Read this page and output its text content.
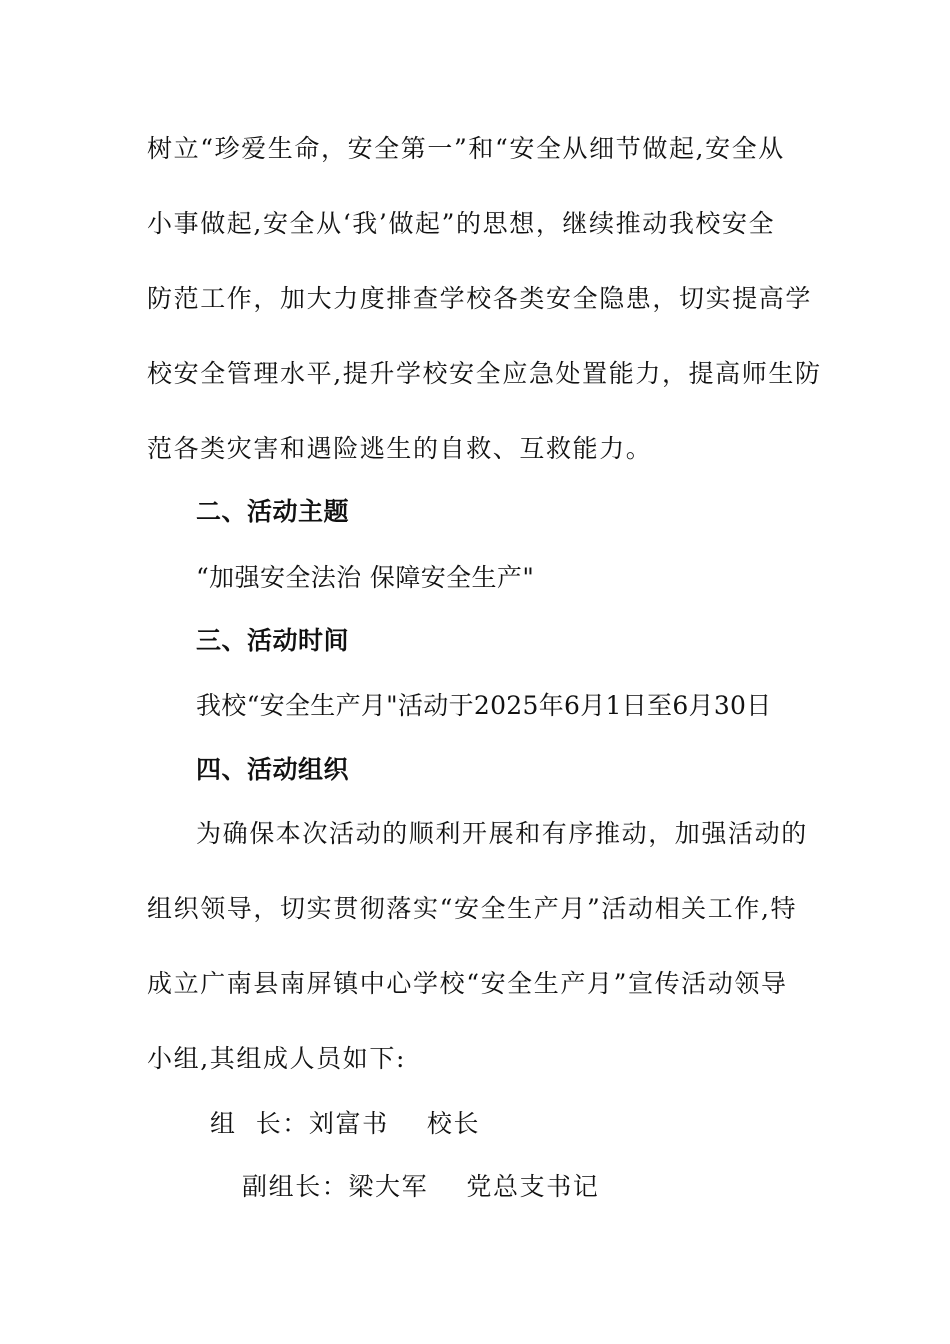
树立“珍爱生命，安全第一”和“安全从细节做起,安全从
小事做起,安全从‘我’做起”的思想，继续推动我校安全
防范工作，加大力度排查学校各类安全隐患，切实提高学
校安全管理水平,提升学校安全应急处置能力，提高师生防
范各类灾害和遇险逃生的自救、互救能力。
二、活动主题
“加强安全法治 保障安全生产"
三、活动时间
我校“安全生产月"活动于2025年6月1日至6月30日
四、活动组织
为确保本次活动的顺利开展和有序推动，加强活动的
组织领导，切实贯彻落实“安全生产月”活动相关工作,特
成立广南县南屏镇中心学校“安全生产月”宣传活动领导
小组,其组成人员如下:
组  长：刘富书    校长
副组长：梁大军    党总支书记
